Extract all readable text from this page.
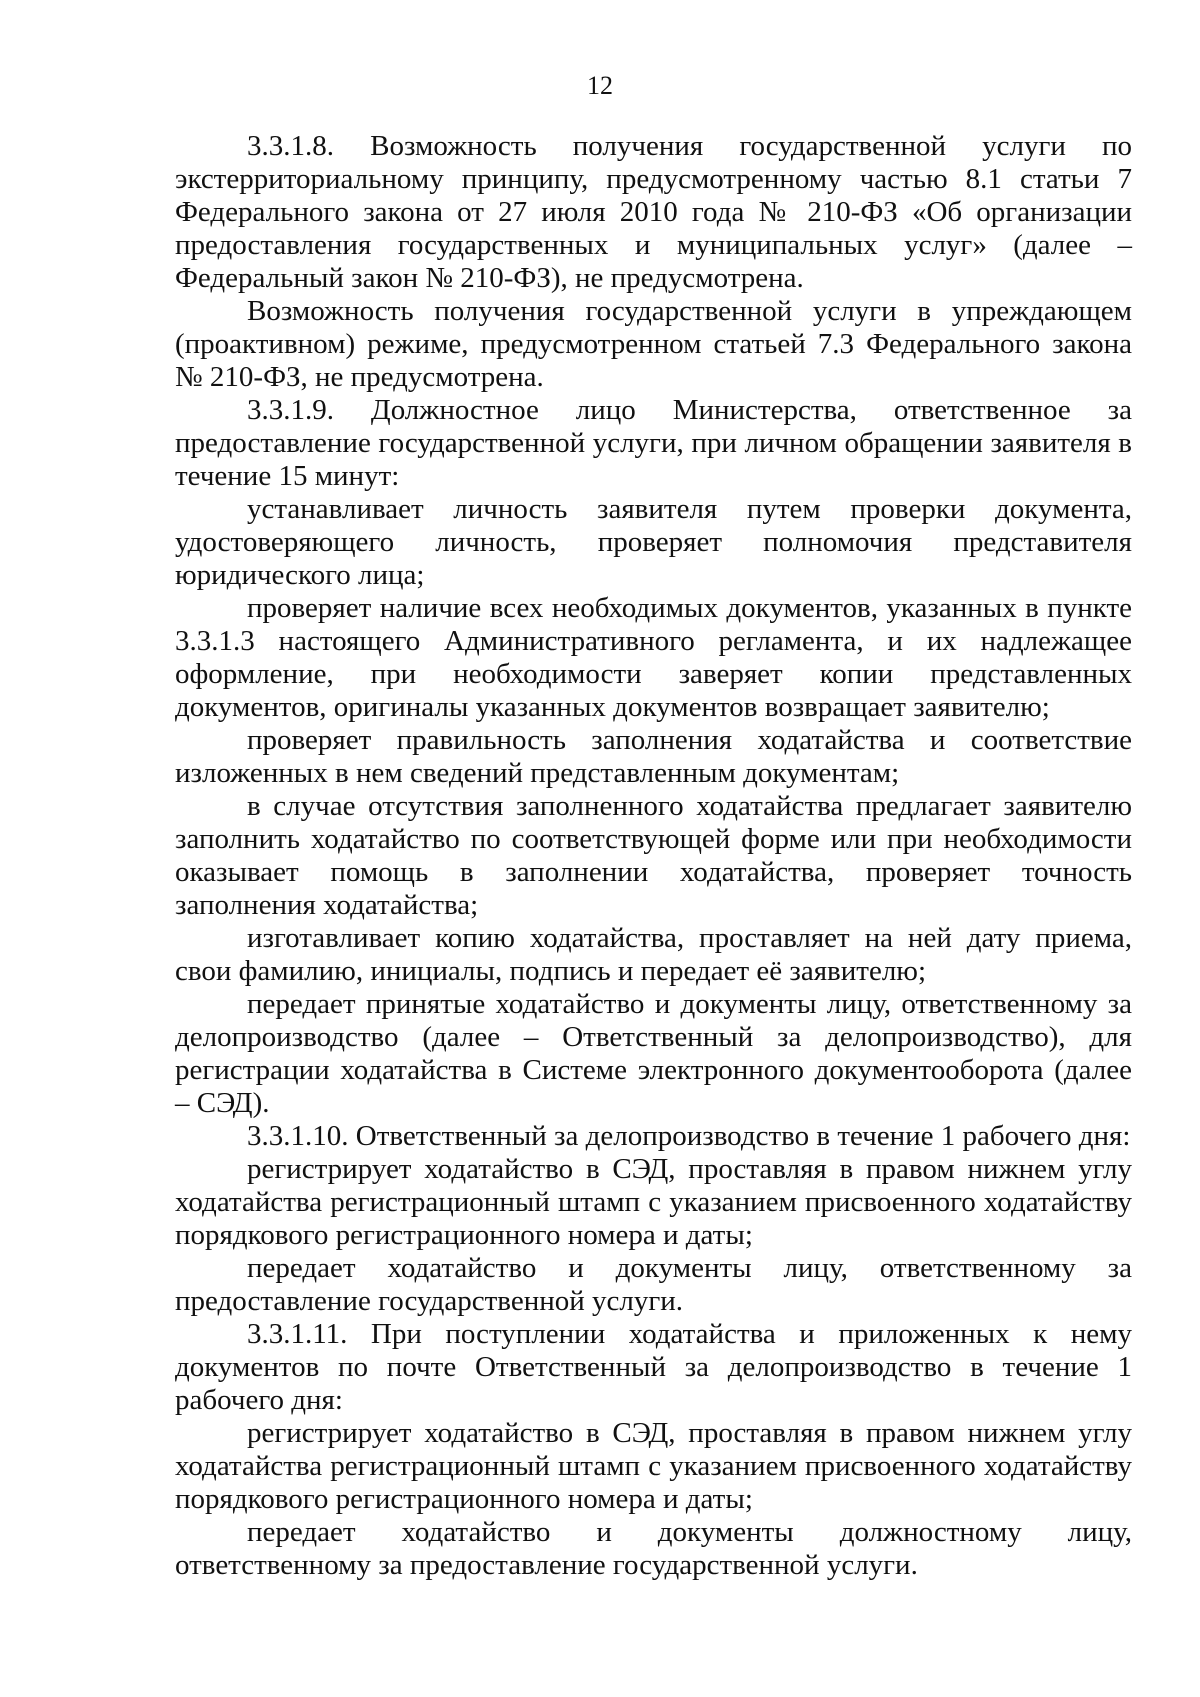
12

3.3.1.8. Возможность получения государственной услуги по экстерриториальному принципу, предусмотренному частью 8.1 статьи 7 Федерального закона от 27 июля 2010 года № 210-ФЗ «Об организации предоставления государственных и муниципальных услуг» (далее – Федеральный закон № 210-ФЗ), не предусмотрена.

Возможность получения государственной услуги в упреждающем (проактивном) режиме, предусмотренном статьей 7.3 Федерального закона № 210-ФЗ, не предусмотрена.

3.3.1.9. Должностное лицо Министерства, ответственное за предоставление государственной услуги, при личном обращении заявителя в течение 15 минут:

устанавливает личность заявителя путем проверки документа, удостоверяющего личность, проверяет полномочия представителя юридического лица;

проверяет наличие всех необходимых документов, указанных в пункте 3.3.1.3 настоящего Административного регламента, и их надлежащее оформление, при необходимости заверяет копии представленных документов, оригиналы указанных документов возвращает заявителю;

проверяет правильность заполнения ходатайства и соответствие изложенных в нем сведений представленным документам;

в случае отсутствия заполненного ходатайства предлагает заявителю заполнить ходатайство по соответствующей форме или при необходимости оказывает помощь в заполнении ходатайства, проверяет точность заполнения ходатайства;

изготавливает копию ходатайства, проставляет на ней дату приема, свои фамилию, инициалы, подпись и передает её заявителю;

передает принятые ходатайство и документы лицу, ответственному за делопроизводство (далее – Ответственный за делопроизводство), для регистрации ходатайства в Системе электронного документооборота (далее – СЭД).

3.3.1.10. Ответственный за делопроизводство в течение 1 рабочего дня:

регистрирует ходатайство в СЭД, проставляя в правом нижнем углу ходатайства регистрационный штамп с указанием присвоенного ходатайству порядкового регистрационного номера и даты;

передает ходатайство и документы лицу, ответственному за предоставление государственной услуги.

3.3.1.11. При поступлении ходатайства и приложенных к нему документов по почте Ответственный за делопроизводство в течение 1 рабочего дня:

регистрирует ходатайство в СЭД, проставляя в правом нижнем углу ходатайства регистрационный штамп с указанием присвоенного ходатайству порядкового регистрационного номера и даты;

передает ходатайство и документы должностному лицу, ответственному за предоставление государственной услуги.
